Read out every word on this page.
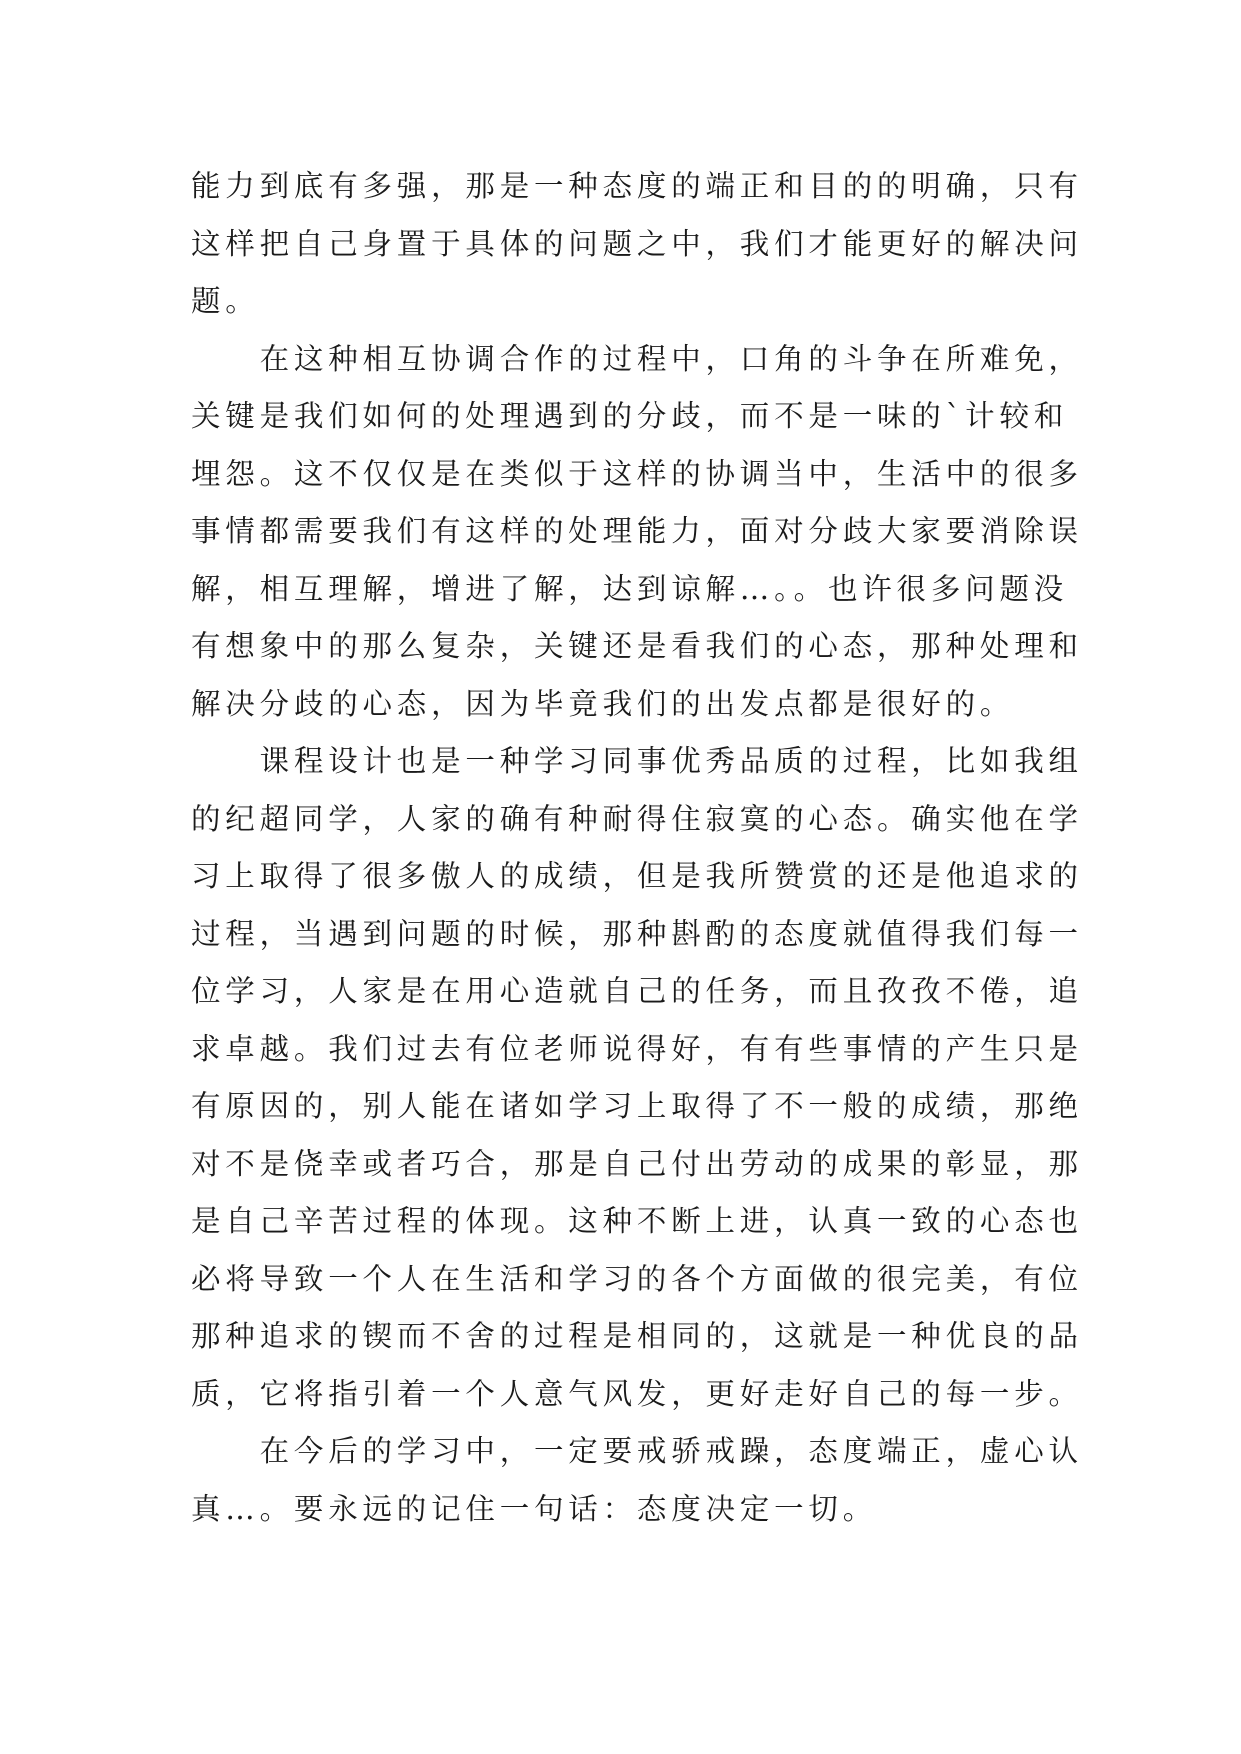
能力到底有多强，那是一种态度的端正和目的的明确，只有
这样把自己身置于具体的问题之中，我们才能更好的解决问
题。
　　在这种相互协调合作的过程中，口角的斗争在所难免，
关键是我们如何的处理遇到的分歧，而不是一味的`计较和
埋怨。这不仅仅是在类似于这样的协调当中，生活中的很多
事情都需要我们有这样的处理能力，面对分歧大家要消除误
解，相互理解，增进了解，达到谅解…。。也许很多问题没
有想象中的那么复杂，关键还是看我们的心态，那种处理和
解决分歧的心态，因为毕竟我们的出发点都是很好的。
　　课程设计也是一种学习同事优秀品质的过程，比如我组
的纪超同学，人家的确有种耐得住寂寞的心态。确实他在学
习上取得了很多傲人的成绩，但是我所赞赏的还是他追求的
过程，当遇到问题的时候，那种斟酌的态度就值得我们每一
位学习，人家是在用心造就自己的任务，而且孜孜不倦，追
求卓越。我们过去有位老师说得好，有有些事情的产生只是
有原因的，别人能在诸如学习上取得了不一般的成绩，那绝
对不是侥幸或者巧合，那是自己付出劳动的成果的彰显，那
是自己辛苦过程的体现。这种不断上进，认真一致的心态也
必将导致一个人在生活和学习的各个方面做的很完美，有位
那种追求的锲而不舍的过程是相同的，这就是一种优良的品
质，它将指引着一个人意气风发，更好走好自己的每一步。
　　在今后的学习中，一定要戒骄戒躁，态度端正，虚心认
真…。要永远的记住一句话：态度决定一切。
